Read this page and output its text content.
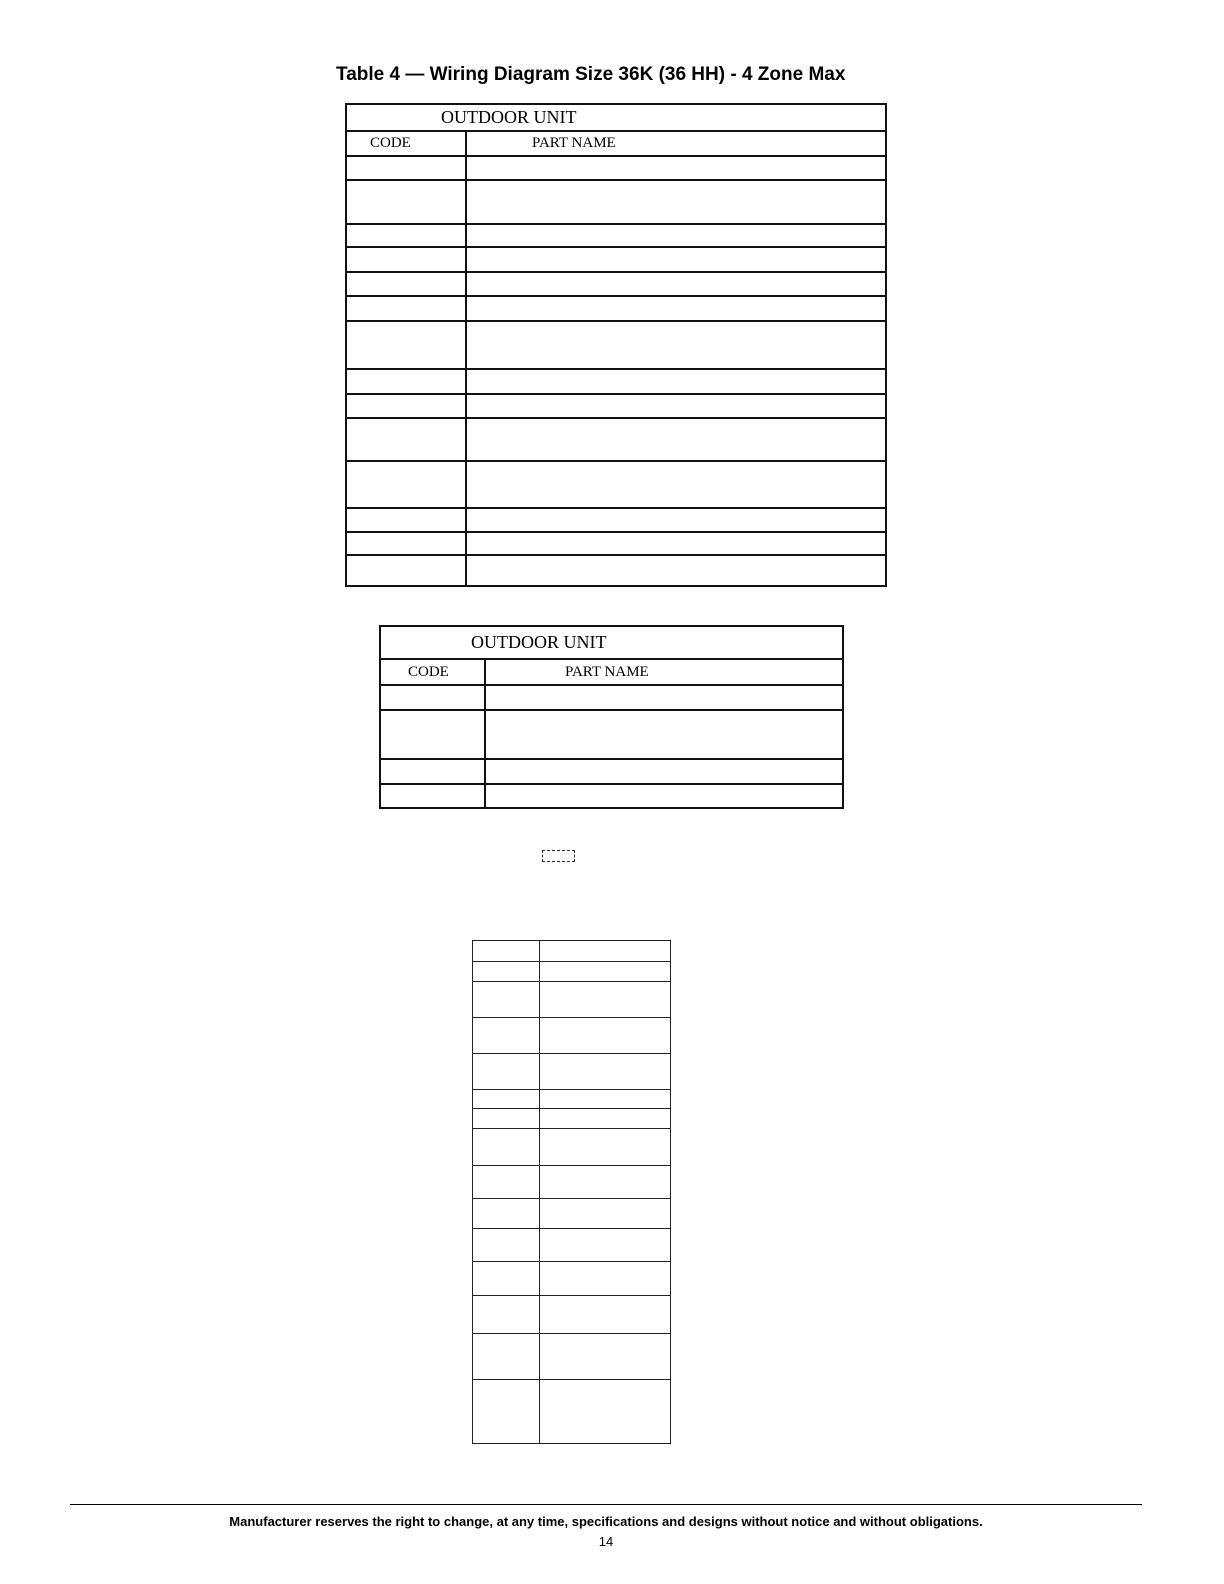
Table 4 — Wiring Diagram Size 36K (36 HH) - 4 Zone Max
OUTDOOR UNIT	
CODE	PART NAME

OUTDOOR UNIT	
CODE	PART NAME

Manufacturer reserves the right to change, at any time, specifications and designs without notice and without obligations.
14
